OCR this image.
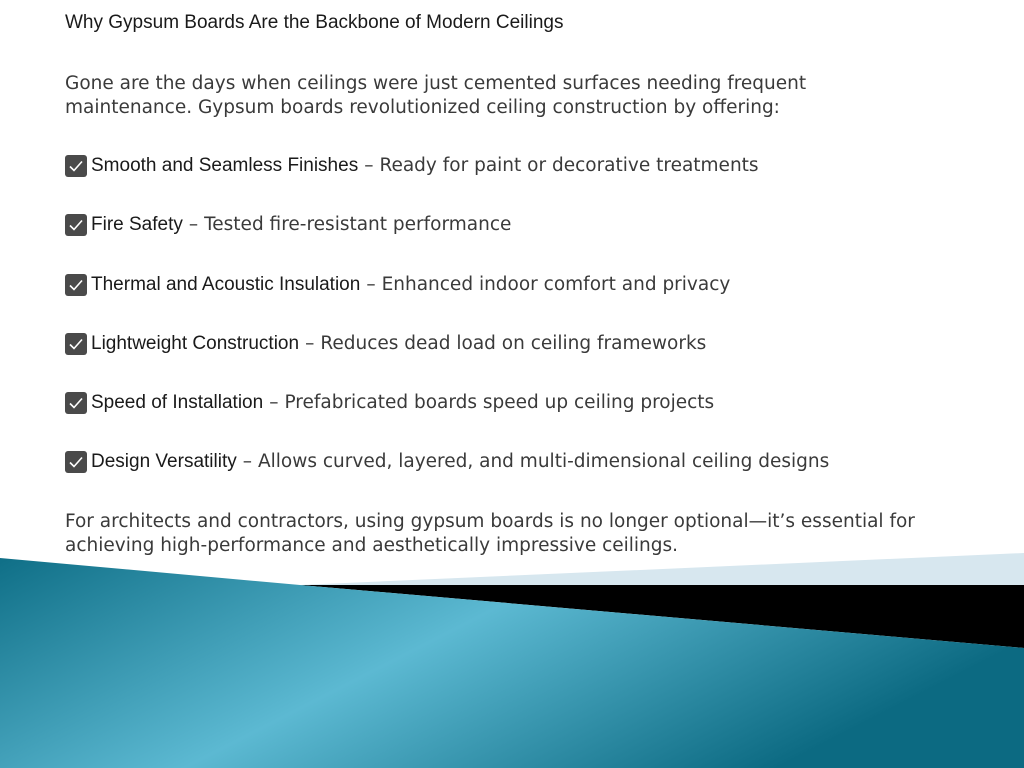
Why Gypsum Boards Are the Backbone of Modern Ceilings
Gone are the days when ceilings were just cemented surfaces needing frequent maintenance. Gypsum boards revolutionized ceiling construction by offering:
Smooth and Seamless Finishes – Ready for paint or decorative treatments
Fire Safety – Tested fire-resistant performance
Thermal and Acoustic Insulation – Enhanced indoor comfort and privacy
Lightweight Construction – Reduces dead load on ceiling frameworks
Speed of Installation – Prefabricated boards speed up ceiling projects
Design Versatility – Allows curved, layered, and multi-dimensional ceiling designs
For architects and contractors, using gypsum boards is no longer optional—it’s essential for achieving high-performance and aesthetically impressive ceilings.
